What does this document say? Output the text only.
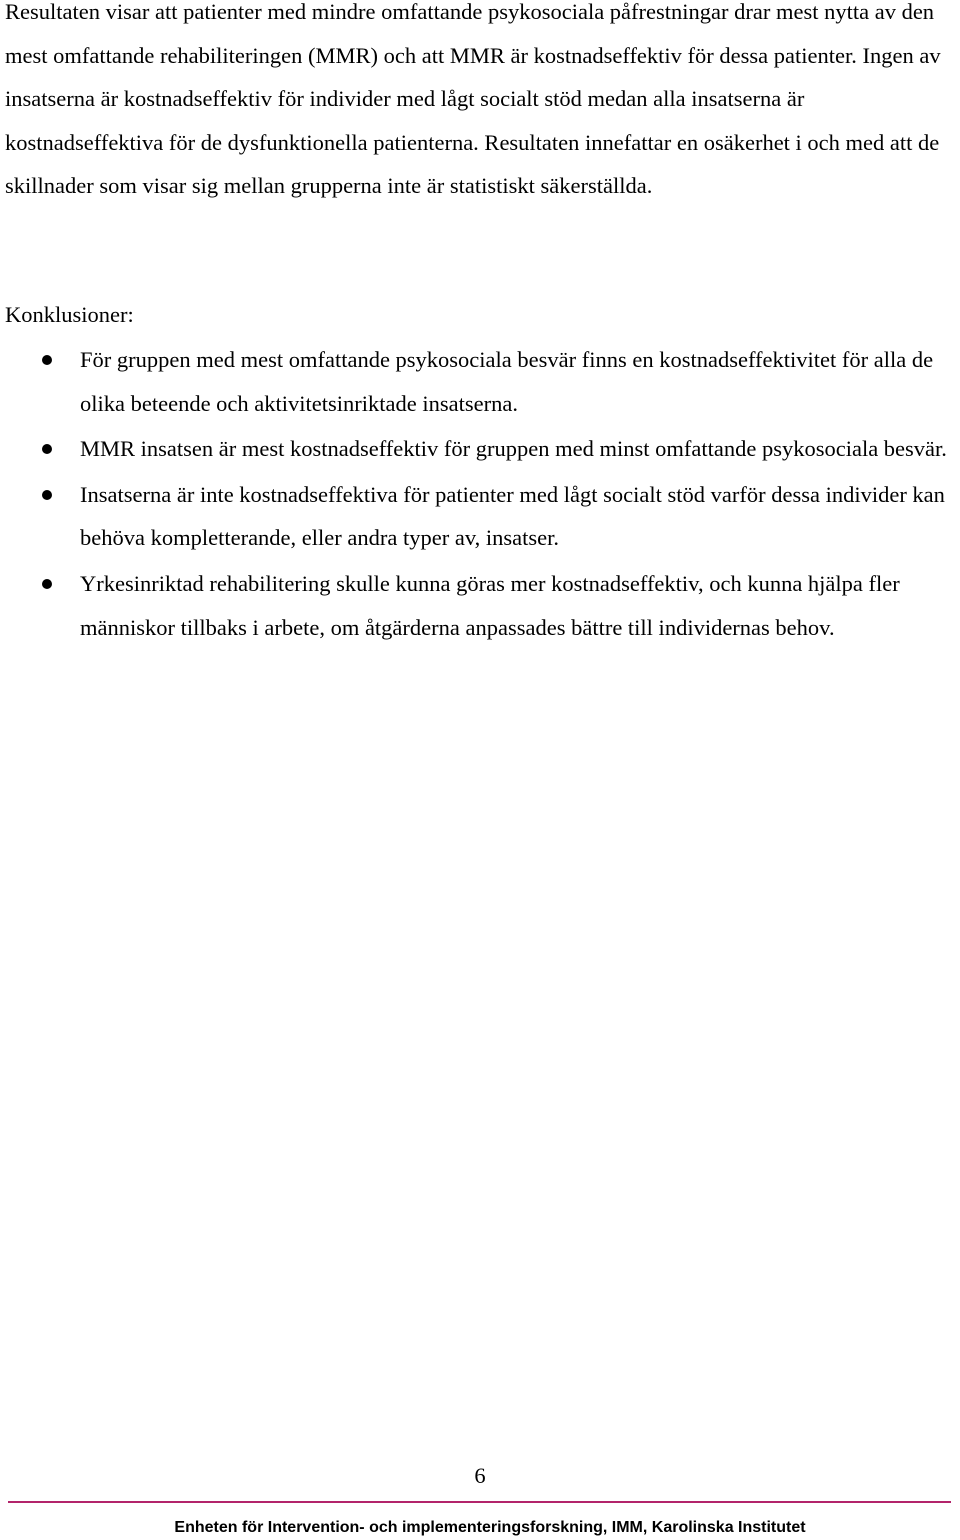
Resultaten visar att patienter med mindre omfattande psykosociala påfrestningar drar mest nytta av den mest omfattande rehabiliteringen (MMR) och att MMR är kostnadseffektiv för dessa patienter. Ingen av insatserna är kostnadseffektiv för individer med lågt socialt stöd medan alla insatserna är kostnadseffektiva för de dysfunktionella patienterna. Resultaten innefattar en osäkerhet i och med att de skillnader som visar sig mellan grupperna inte är statistiskt säkerställda.

Konklusioner:

För gruppen med mest omfattande psykosociala besvär finns en kostnadseffektivitet för alla de olika beteende och aktivitetsinriktade insatserna.
MMR insatsen är mest kostnadseffektiv för gruppen med minst omfattande psykosociala besvär.
Insatserna är inte kostnadseffektiva för patienter med lågt socialt stöd varför dessa individer kan behöva kompletterande, eller andra typer av, insatser.
Yrkesinriktad rehabilitering skulle kunna göras mer kostnadseffektiv, och kunna hjälpa fler människor tillbaks i arbete, om åtgärderna anpassades bättre till individernas behov.
6
Enheten för Intervention- och implementeringsforskning, IMM, Karolinska Institutet
